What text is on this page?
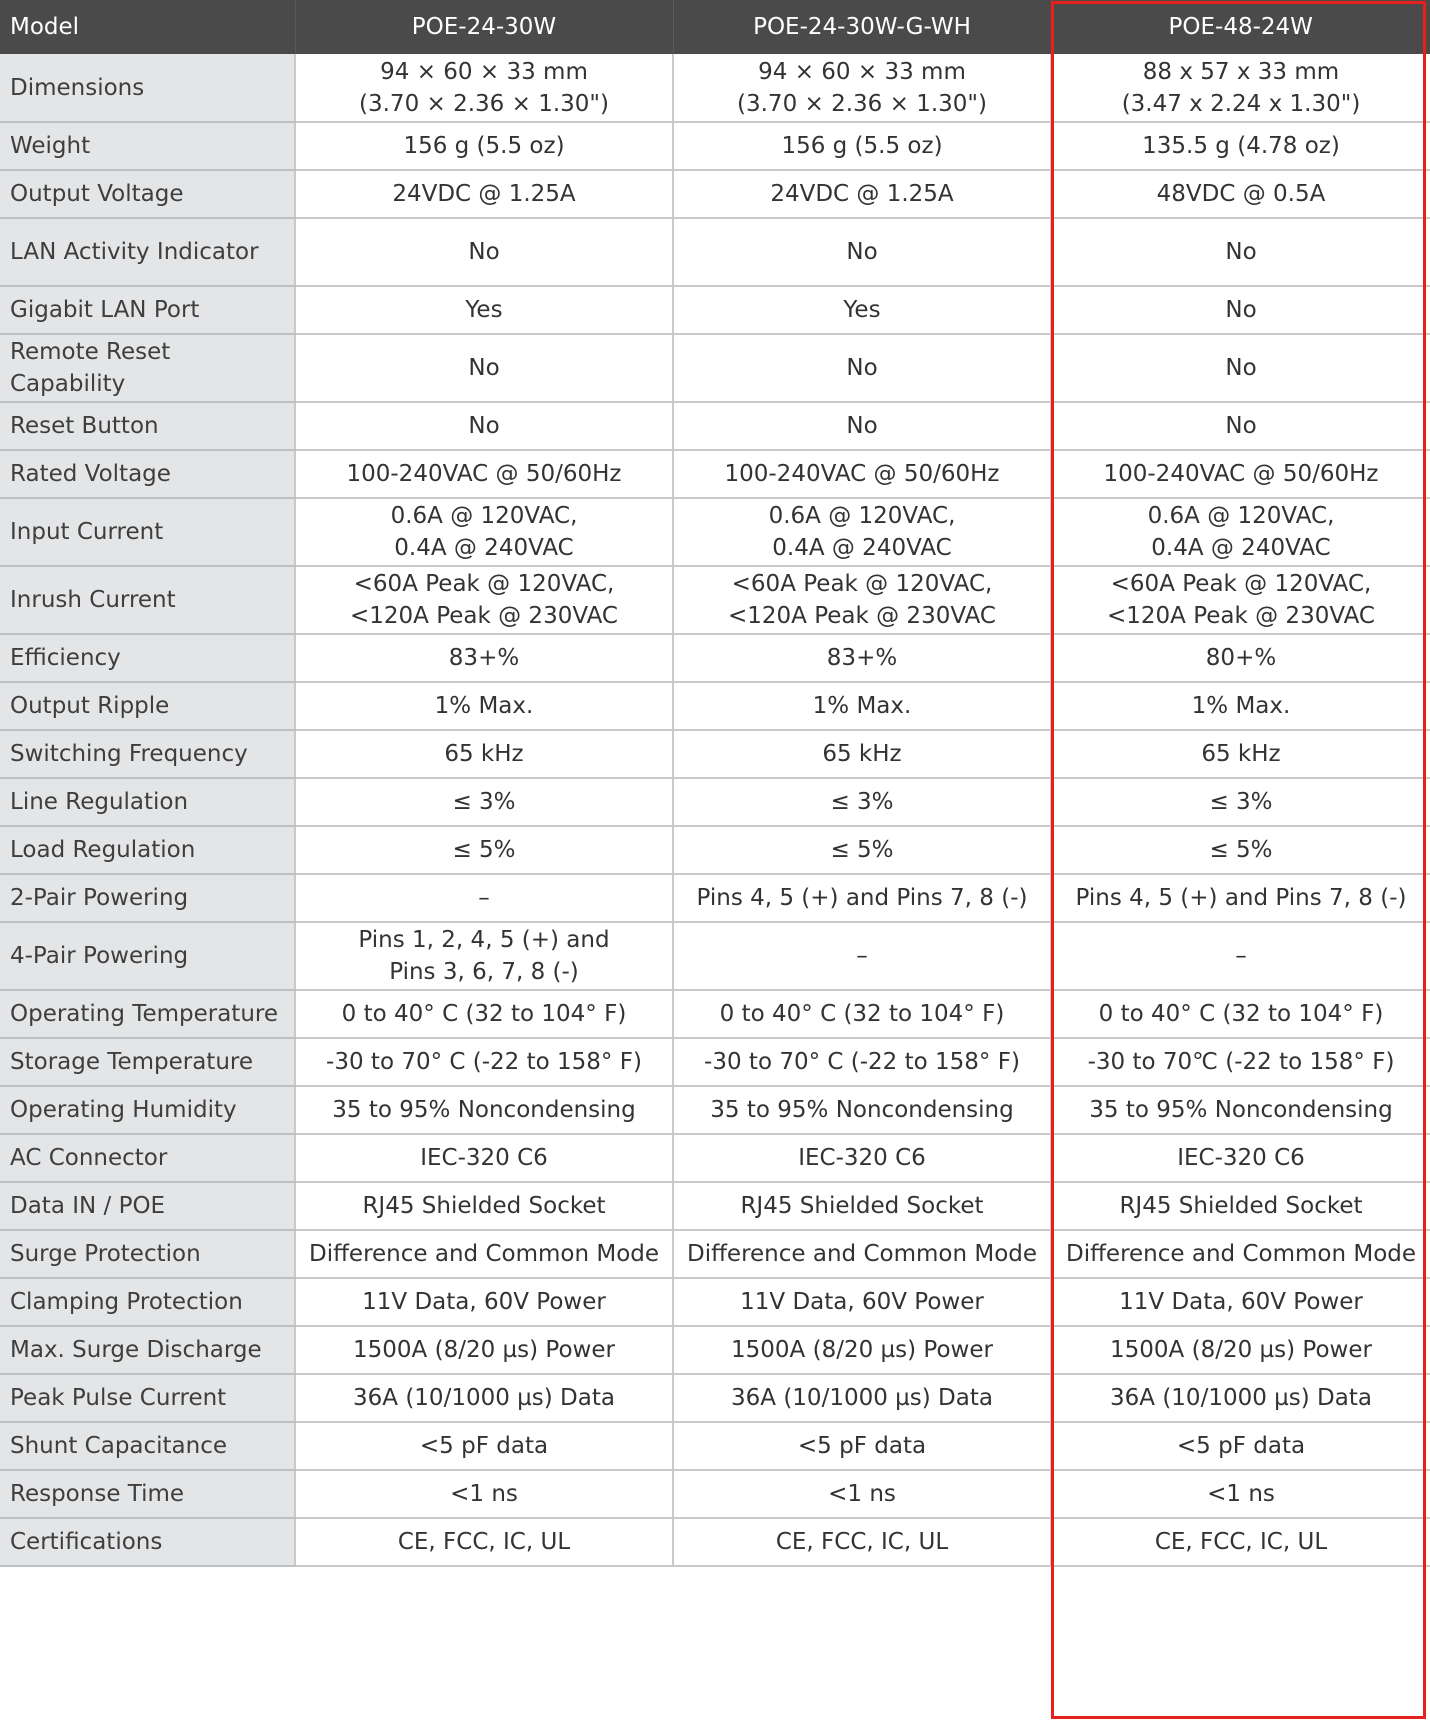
Model	POE-24-30W	POE-24-30W-G-WH	POE-48-24W
Dimensions	94 × 60 × 33 mm
(3.70 × 2.36 × 1.30")	94 × 60 × 33 mm
(3.70 × 2.36 × 1.30")	88 x 57 x 33 mm
(3.47 x 2.24 x 1.30")

Weight	156 g (5.5 oz)	156 g (5.5 oz)	135.5 g (4.78 oz)

Output Voltage	24VDC @ 1.25A	24VDC @ 1.25A	48VDC @ 0.5A

LAN Activity Indicator	No	No	No

Gigabit LAN Port	Yes	Yes	No

Remote Reset Capability	No	No	No

Reset Button	No	No	No

Rated Voltage	100-240VAC @ 50/60Hz	100-240VAC @ 50/60Hz	100-240VAC @ 50/60Hz

Input Current	0.6A @ 120VAC,
0.4A @ 240VAC	0.6A @ 120VAC,
0.4A @ 240VAC	0.6A @ 120VAC,
0.4A @ 240VAC

Inrush Current	<60A Peak @ 120VAC,
<120A Peak @ 230VAC	<60A Peak @ 120VAC,
<120A Peak @ 230VAC	<60A Peak @ 120VAC,
<120A Peak @ 230VAC

Efficiency	83+%	83+%	80+%

Output Ripple	1% Max.	1% Max.	1% Max.

Switching Frequency	65 kHz	65 kHz	65 kHz

Line Regulation	≤ 3%	≤ 3%	≤ 3%

Load Regulation	≤ 5%	≤ 5%	≤ 5%

2-Pair Powering	–	Pins 4, 5 (+) and Pins 7, 8 (-)	Pins 4, 5 (+) and Pins 7, 8 (-)

4-Pair Powering	Pins 1, 2, 4, 5 (+) and
Pins 3, 6, 7, 8 (-)	–	–

Operating Temperature	0 to 40° C (32 to 104° F)	0 to 40° C (32 to 104° F)	0 to 40° C (32 to 104° F)

Storage Temperature	-30 to 70° C (-22 to 158° F)	-30 to 70° C (-22 to 158° F)	-30 to 70℃ (-22 to 158° F)

Operating Humidity	35 to 95% Noncondensing	35 to 95% Noncondensing	35 to 95% Noncondensing

AC Connector	IEC-320 C6	IEC-320 C6	IEC-320 C6

Data IN / POE	RJ45 Shielded Socket	RJ45 Shielded Socket	RJ45 Shielded Socket

Surge Protection	Difference and Common Mode	Difference and Common Mode	Difference and Common Mode

Clamping Protection	11V Data, 60V Power	11V Data, 60V Power	11V Data, 60V Power

Max. Surge Discharge	1500A (8/20 µs) Power	1500A (8/20 µs) Power	1500A (8/20 µs) Power

Peak Pulse Current	36A (10/1000 µs) Data	36A (10/1000 µs) Data	36A (10/1000 µs) Data

Shunt Capacitance	<5 pF data	<5 pF data	<5 pF data

Response Time	<1 ns	<1 ns	<1 ns

Certifications	CE, FCC, IC, UL	CE, FCC, IC, UL	CE, FCC, IC, UL
